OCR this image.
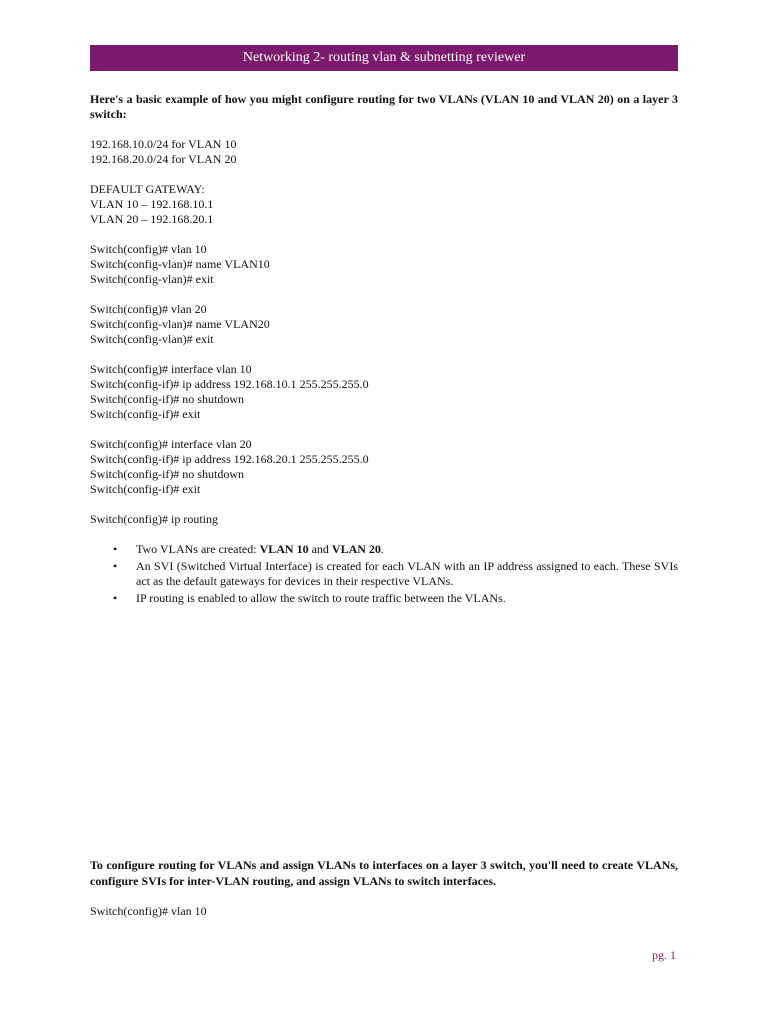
Networking 2- routing vlan & subnetting reviewer

Here's a basic example of how you might configure routing for two VLANs (VLAN 10 and VLAN 20) on a layer 3 switch:

192.168.10.0/24 for VLAN 10
192.168.20.0/24 for VLAN 20
DEFAULT GATEWAY:
VLAN 10 – 192.168.10.1
VLAN 20 – 192.168.20.1
Switch(config)# vlan 10
Switch(config-vlan)# name VLAN10
Switch(config-vlan)# exit
Switch(config)# vlan 20
Switch(config-vlan)# name VLAN20
Switch(config-vlan)# exit
Switch(config)# interface vlan 10
Switch(config-if)# ip address 192.168.10.1 255.255.255.0
Switch(config-if)# no shutdown
Switch(config-if)# exit
Switch(config)# interface vlan 20
Switch(config-if)# ip address 192.168.20.1 255.255.255.0
Switch(config-if)# no shutdown
Switch(config-if)# exit
Switch(config)# ip routing
• Two VLANs are created: VLAN 10 and VLAN 20.
• An SVI (Switched Virtual Interface) is created for each VLAN with an IP address assigned to each. These SVIs act as the default gateways for devices in their respective VLANs.
• IP routing is enabled to allow the switch to route traffic between the VLANs.

To configure routing for VLANs and assign VLANs to interfaces on a layer 3 switch, you'll need to create VLANs, configure SVIs for inter-VLAN routing, and assign VLANs to switch interfaces.

Switch(config)# vlan 10
pg. 1
